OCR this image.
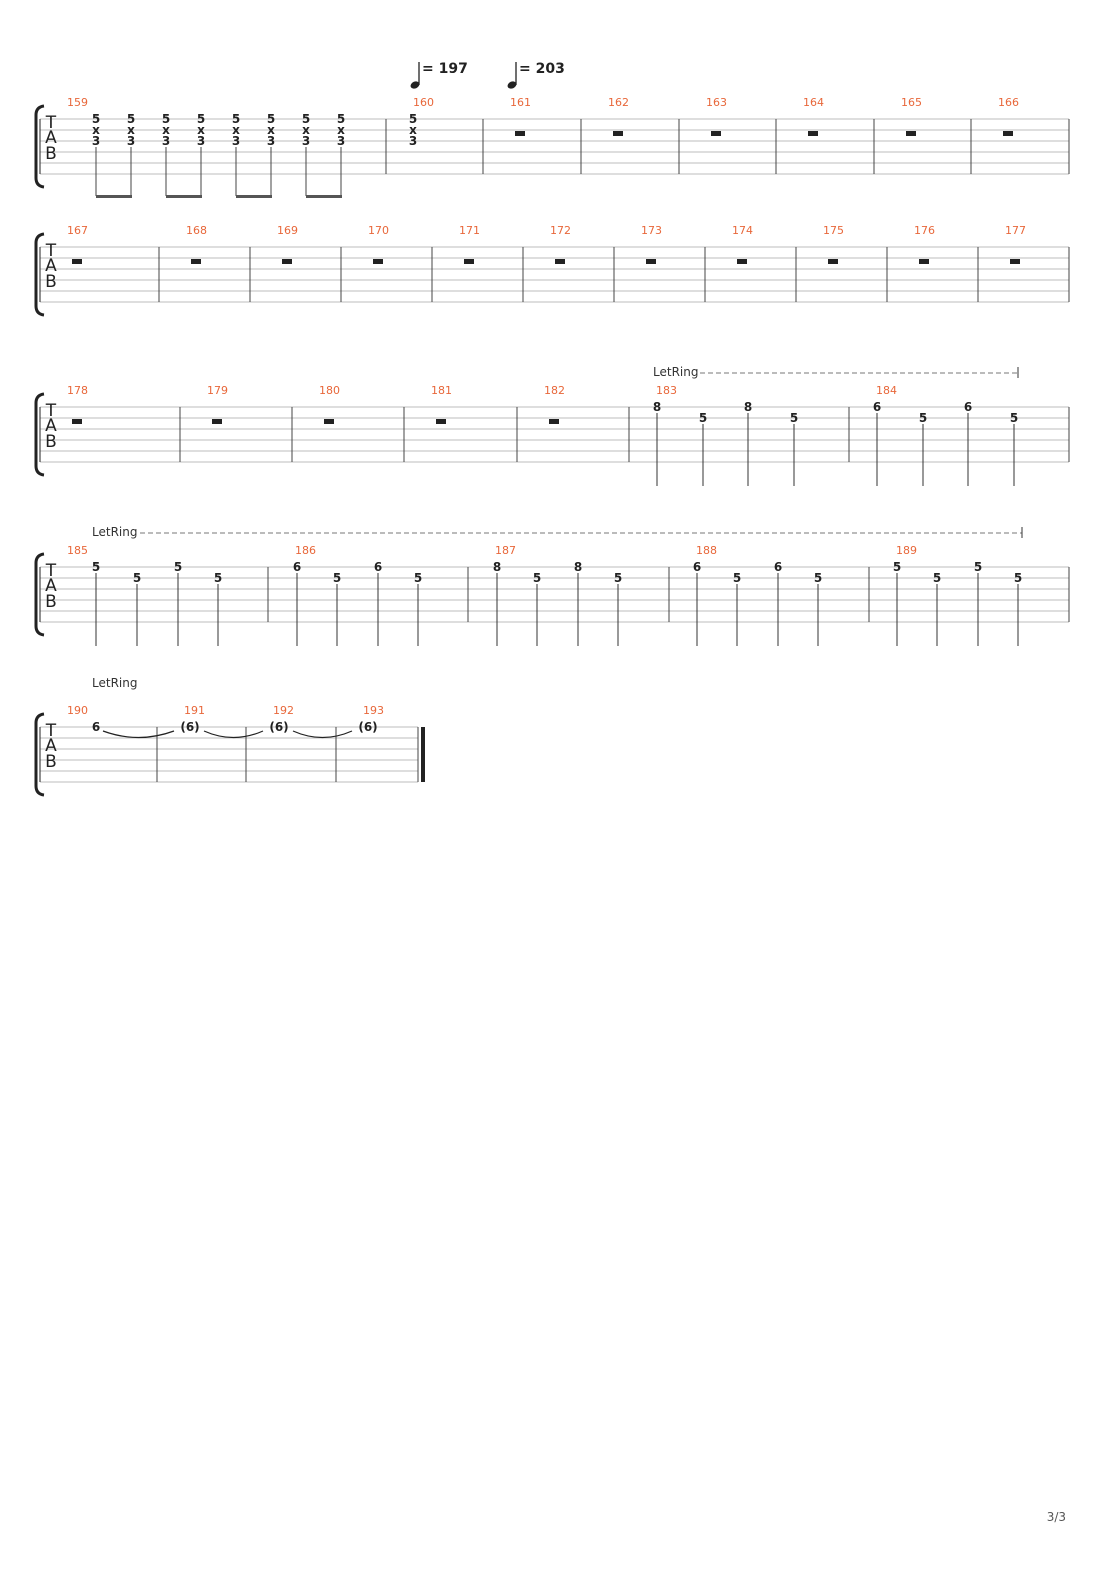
= 197	= 203
T
A
B
159
5
x
3
5
x
3
5
x
3
5
x
3
5
x
3
5
x
3
5
x
3
5
x
3
160
5
x
3
161	162	163	164	165	166
T
A
B
167	168	169	170	171	172	173	174	175	176	177
T
A
B
LetRing
178	179	180	181	182	183
8
5
8
5
184
6
5
6
5
T
A
B
LetRing
185
5
5
5
5
186
6
5
6
5
187
8
5
8
5
188
6
5
6
5
189
5
5
5
5
T
A
B
LetRing
190
6
191
(6)
192
(6)
193
(6)
3/3
